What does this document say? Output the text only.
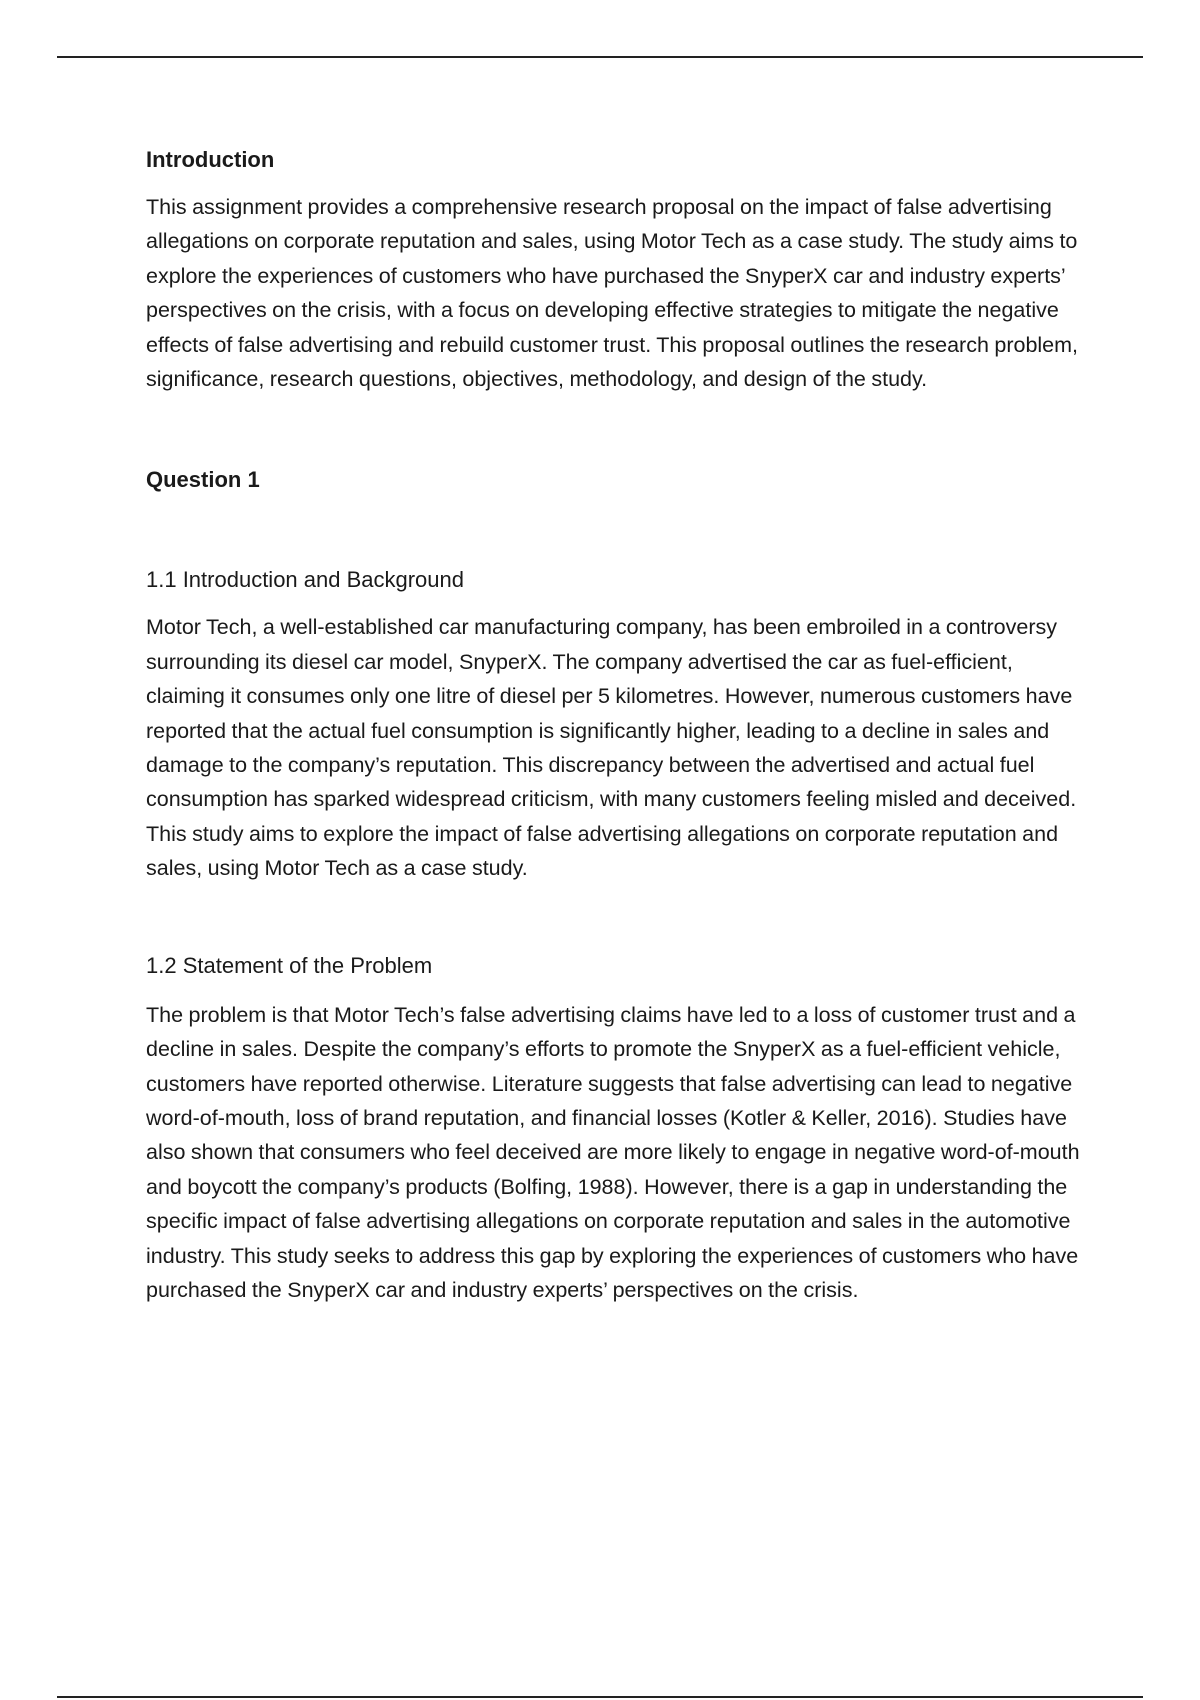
Introduction

This assignment provides a comprehensive research proposal on the impact of false advertising allegations on corporate reputation and sales, using Motor Tech as a case study. The study aims to explore the experiences of customers who have purchased the SnyperX car and industry experts’ perspectives on the crisis, with a focus on developing effective strategies to mitigate the negative effects of false advertising and rebuild customer trust. This proposal outlines the research problem, significance, research questions, objectives, methodology, and design of the study.

Question 1
1.1 Introduction and Background

Motor Tech, a well-established car manufacturing company, has been embroiled in a controversy surrounding its diesel car model, SnyperX. The company advertised the car as fuel-efficient, claiming it consumes only one litre of diesel per 5 kilometres. However, numerous customers have reported that the actual fuel consumption is significantly higher, leading to a decline in sales and damage to the company’s reputation. This discrepancy between the advertised and actual fuel consumption has sparked widespread criticism, with many customers feeling misled and deceived. This study aims to explore the impact of false advertising allegations on corporate reputation and sales, using Motor Tech as a case study.

1.2 Statement of the Problem

The problem is that Motor Tech’s false advertising claims have led to a loss of customer trust and a decline in sales. Despite the company’s efforts to promote the SnyperX as a fuel-efficient vehicle, customers have reported otherwise. Literature suggests that false advertising can lead to negative word-of-mouth, loss of brand reputation, and financial losses (Kotler & Keller, 2016). Studies have also shown that consumers who feel deceived are more likely to engage in negative word-of-mouth and boycott the company’s products (Bolfing, 1988). However, there is a gap in understanding the specific impact of false advertising allegations on corporate reputation and sales in the automotive industry. This study seeks to address this gap by exploring the experiences of customers who have purchased the SnyperX car and industry experts’ perspectives on the crisis.
